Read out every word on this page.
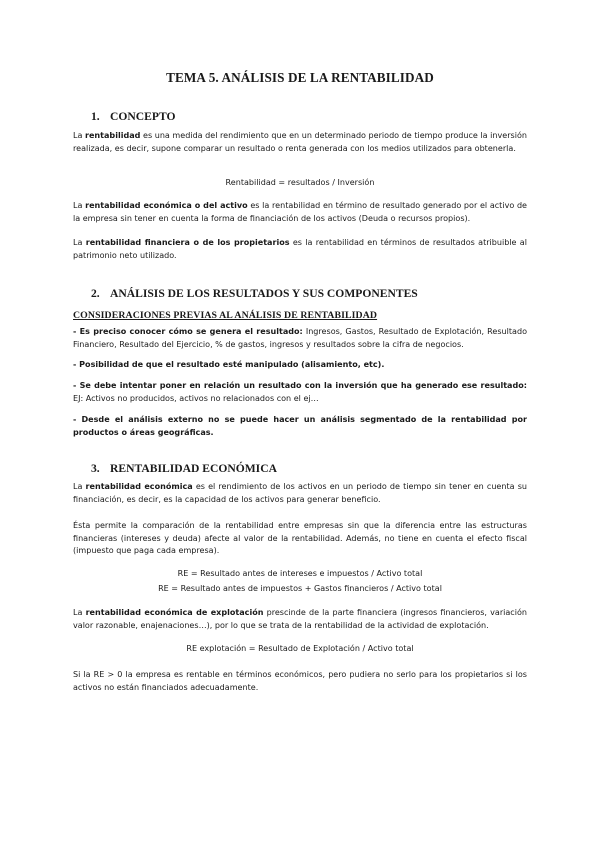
TEMA 5. ANÁLISIS DE LA RENTABILIDAD
1. CONCEPTO

La rentabilidad es una medida del rendimiento que en un determinado periodo de tiempo produce la inversión realizada, es decir, supone comparar un resultado o renta generada con los medios utilizados para obtenerla.

Rentabilidad = resultados / Inversión

La rentabilidad económica o del activo es la rentabilidad en término de resultado generado por el activo de la empresa sin tener en cuenta la forma de financiación de los activos (Deuda o recursos propios).

La rentabilidad financiera o de los propietarios es la rentabilidad en términos de resultados atribuible al patrimonio neto utilizado.

2. ANÁLISIS DE LOS RESULTADOS Y SUS COMPONENTES
CONSIDERACIONES PREVIAS AL ANÁLISIS DE RENTABILIDAD

- Es preciso conocer cómo se genera el resultado: Ingresos, Gastos, Resultado de Explotación, Resultado Financiero, Resultado del Ejercicio, % de gastos, ingresos y resultados sobre la cifra de negocios.

- Posibilidad de que el resultado esté manipulado (alisamiento, etc).

- Se debe intentar poner en relación un resultado con la inversión que ha generado ese resultado: EJ: Activos no producidos, activos no relacionados con el ej…

- Desde el análisis externo no se puede hacer un análisis segmentado de la rentabilidad por productos o áreas geográficas.

3. RENTABILIDAD ECONÓMICA

La rentabilidad económica es el rendimiento de los activos en un periodo de tiempo sin tener en cuenta su financiación, es decir, es la capacidad de los activos para generar beneficio.

Ésta permite la comparación de la rentabilidad entre empresas sin que la diferencia entre las estructuras financieras (intereses y deuda) afecte al valor de la rentabilidad. Además, no tiene en cuenta el efecto fiscal (impuesto que paga cada empresa).

RE = Resultado antes de intereses e impuestos / Activo total

RE = Resultado antes de impuestos + Gastos financieros / Activo total

La rentabilidad económica de explotación prescinde de la parte financiera (ingresos financieros, variación valor razonable, enajenaciones…), por lo que se trata de la rentabilidad de la actividad de explotación.

RE explotación = Resultado de Explotación / Activo total

Si la RE > 0 la empresa es rentable en términos económicos, pero pudiera no serlo para los propietarios si los activos no están financiados adecuadamente.
